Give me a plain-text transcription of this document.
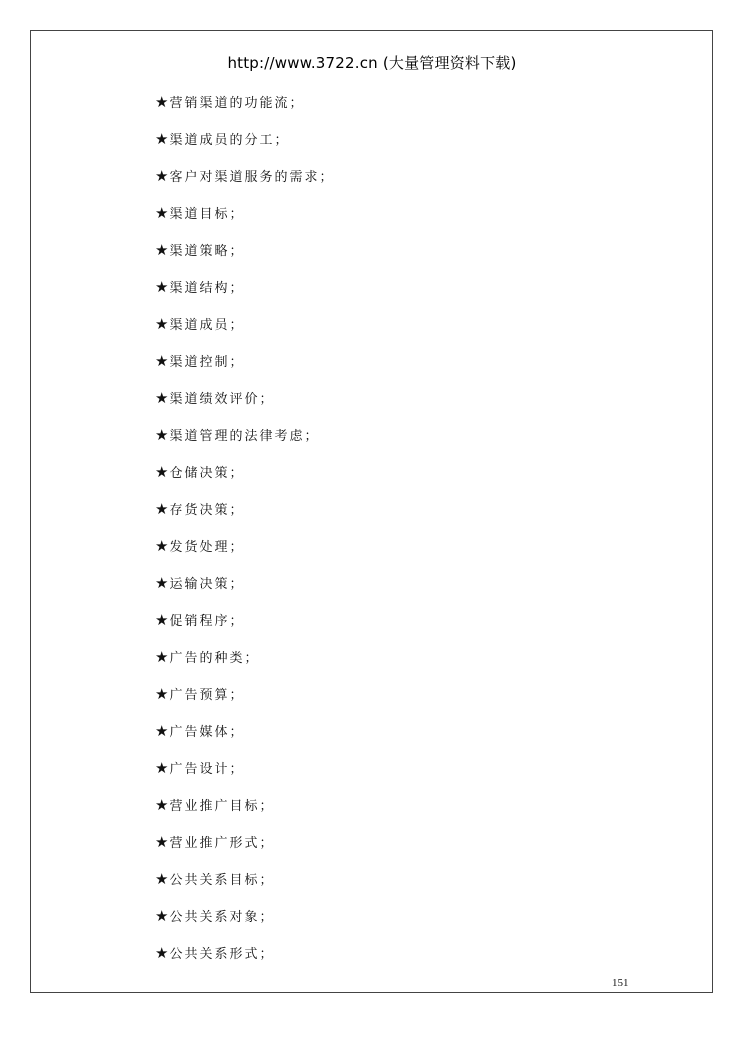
http://www.3722.cn (大量管理资料下载)
★营销渠道的功能流；
★渠道成员的分工；
★客户对渠道服务的需求；
★渠道目标；
★渠道策略；
★渠道结构；
★渠道成员；
★渠道控制；
★渠道绩效评价；
★渠道管理的法律考虑；
★仓储决策；
★存货决策；
★发货处理；
★运输决策；
★促销程序；
★广告的种类；
★广告预算；
★广告媒体；
★广告设计；
★营业推广目标；
★营业推广形式；
★公共关系目标；
★公共关系对象；
★公共关系形式；
151
